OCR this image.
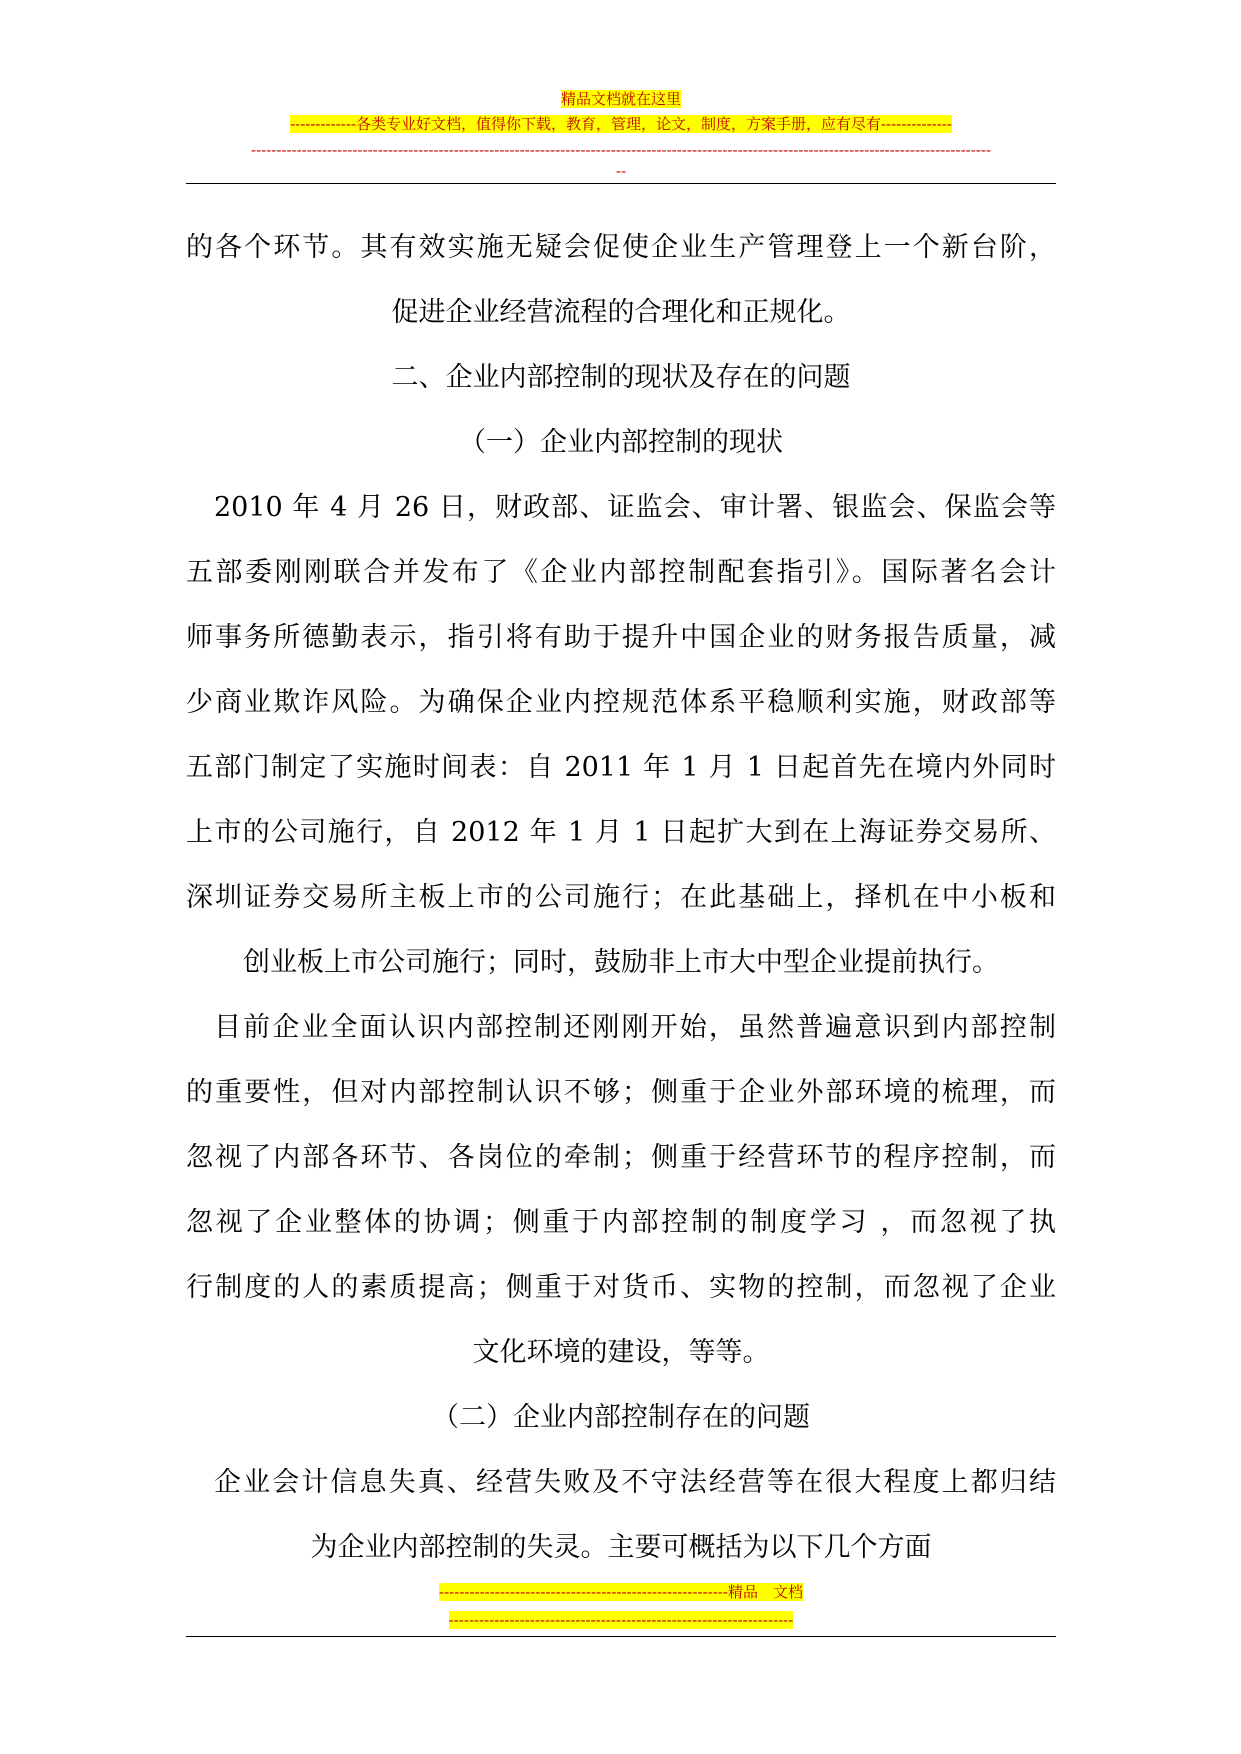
精品文档就在这里
-------------各类专业好文档，值得你下载，教育，管理，论文，制度，方案手册，应有尽有--------------
--------------------------------------------------------------------------------------------------------------------------------------------------
--
的各个环节。其有效实施无疑会促使企业生产管理登上一个新台阶，
促进企业经营流程的合理化和正规化。
二、企业内部控制的现状及存在的问题
（一）企业内部控制的现状
2010 年 4 月 26 日，财政部、证监会、审计署、银监会、保监会等
五部委刚刚联合并发布了《企业内部控制配套指引》。国际著名会计
师事务所德勤表示，指引将有助于提升中国企业的财务报告质量，减
少商业欺诈风险。为确保企业内控规范体系平稳顺利实施，财政部等
五部门制定了实施时间表：自 2011 年 1 月 1 日起首先在境内外同时
上市的公司施行，自 2012 年 1 月 1 日起扩大到在上海证券交易所、
深圳证券交易所主板上市的公司施行；在此基础上，择机在中小板和
创业板上市公司施行；同时，鼓励非上市大中型企业提前执行。
目前企业全面认识内部控制还刚刚开始，虽然普遍意识到内部控制
的重要性，但对内部控制认识不够；侧重于企业外部环境的梳理，而
忽视了内部各环节、各岗位的牵制；侧重于经营环节的程序控制，而
忽视了企业整体的协调；侧重于内部控制的制度学习 ，而忽视了执
行制度的人的素质提高；侧重于对货币、实物的控制，而忽视了企业
文化环境的建设，等等。
（二）企业内部控制存在的问题
企业会计信息失真、经营失败及不守法经营等在很大程度上都归结
为企业内部控制的失灵。主要可概括为以下几个方面
---------------------------------------------------------精品　文档
--------------------------------------------------------------------
